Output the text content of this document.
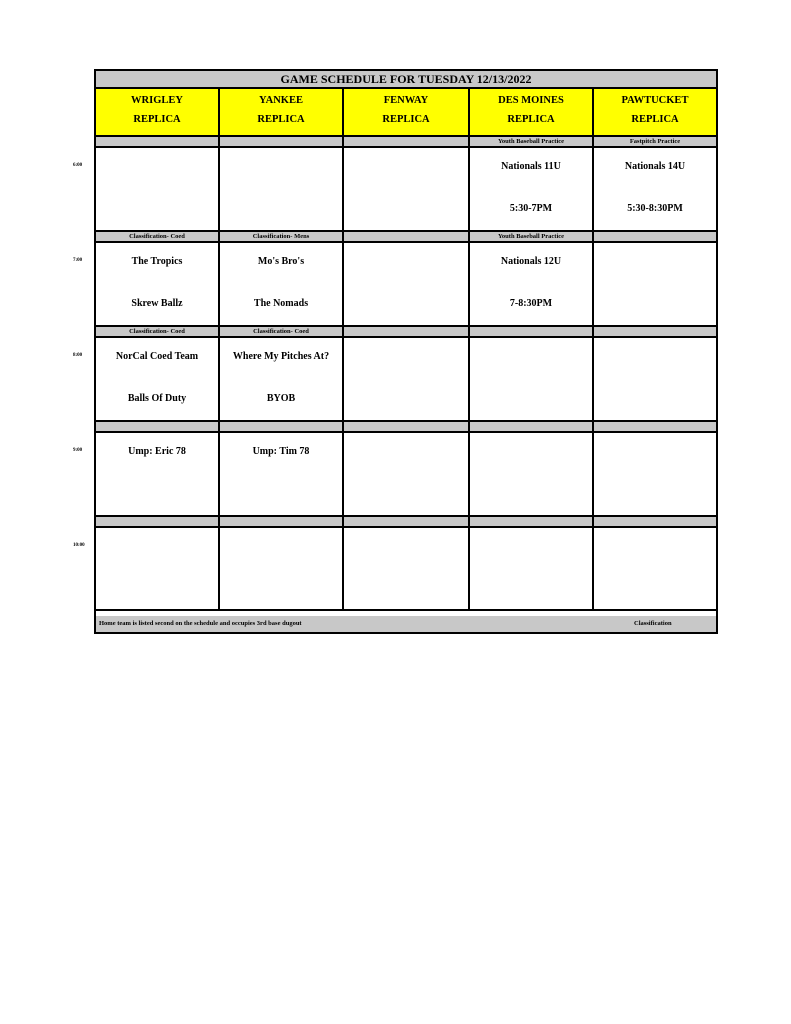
GAME SCHEDULE FOR TUESDAY 12/13/2022
WRIGLEY
REPLICA
YANKEE
REPLICA
FENWAY
REPLICA
DES MOINES
REPLICA
PAWTUCKET
REPLICA
Youth Baseball Practice
Nationals 11U
5:30-7PM
Fastpitch Practice
Nationals 14U
5:30-8:30PM
Classification- Coed
The Tropics
Skrew Ballz
Classification- Mens
Mo's Bro's
The Nomads
Youth Baseball Practice
Nationals 12U
7-8:30PM
Classification- Coed
NorCal Coed Team
Balls Of Duty
Classification- Coed
Where My Pitches At?
BYOB
Ump: Eric 78	Ump: Tim 78
Home team is listed second on the schedule and occupies 3rd base dugout	Classification
6:00
7:00
8:00
9:00
10:00
